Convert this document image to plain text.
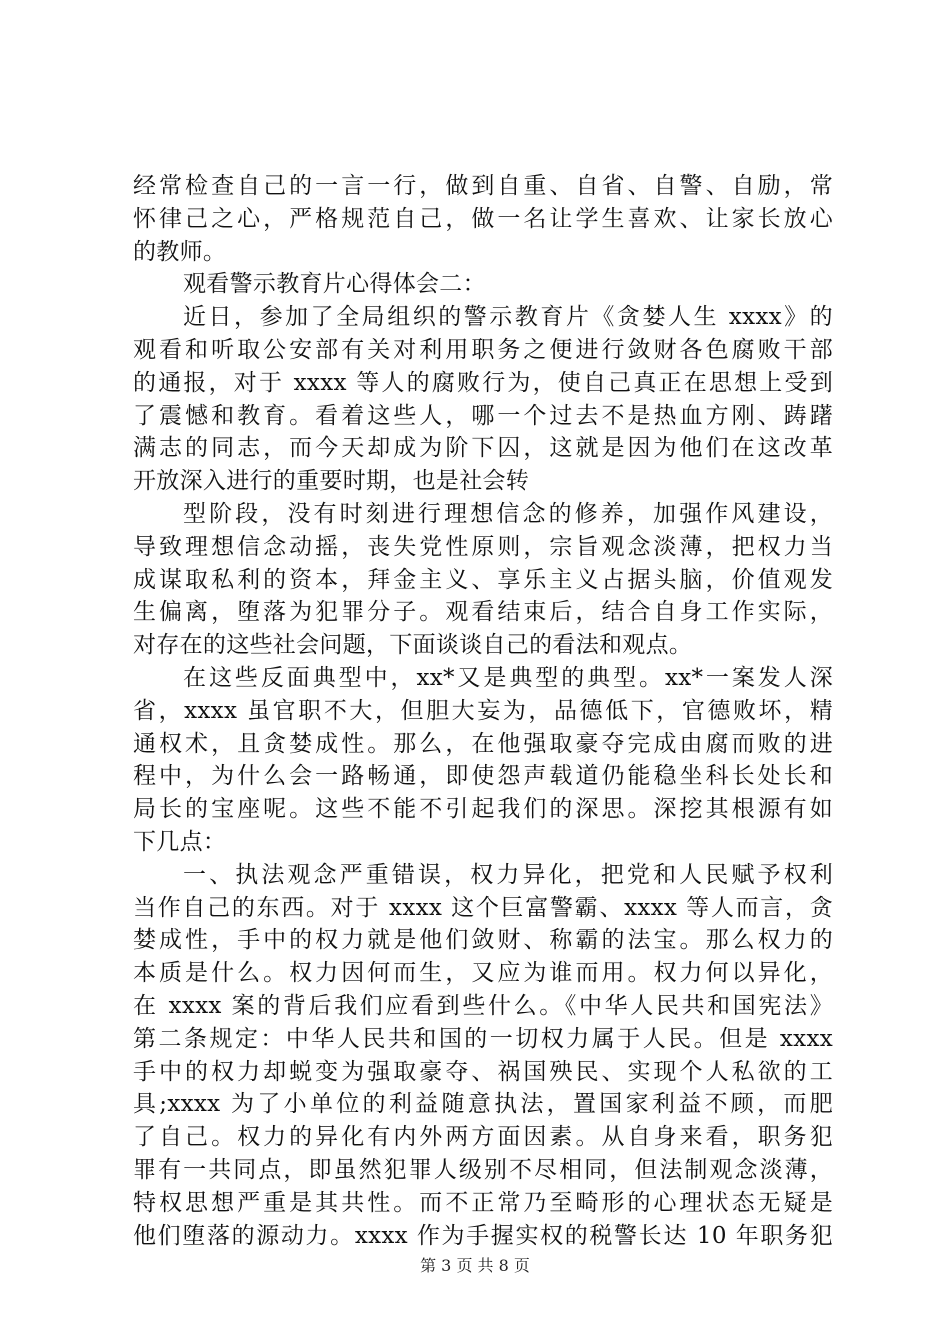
经常检查自己的一言一行，做到自重、自省、自警、自励，常
怀律己之心，严格规范自己，做一名让学生喜欢、让家长放心
的教师。
观看警示教育片心得体会二：
近日，参加了全局组织的警示教育片《贪婪人生 xxxx》的
观看和听取公安部有关对利用职务之便进行敛财各色腐败干部
的通报，对于 xxxx 等人的腐败行为，使自己真正在思想上受到
了震憾和教育。看着这些人，哪一个过去不是热血方刚、踌躇
满志的同志，而今天却成为阶下囚，这就是因为他们在这改革
开放深入进行的重要时期，也是社会转
型阶段，没有时刻进行理想信念的修养，加强作风建设，
导致理想信念动摇，丧失党性原则，宗旨观念淡薄，把权力当
成谋取私利的资本，拜金主义、享乐主义占据头脑，价值观发
生偏离，堕落为犯罪分子。观看结束后，结合自身工作实际，
对存在的这些社会问题，下面谈谈自己的看法和观点。
在这些反面典型中，xx*又是典型的典型。xx*一案发人深
省，xxxx 虽官职不大，但胆大妄为，品德低下，官德败坏，精
通权术，且贪婪成性。那么，在他强取豪夺完成由腐而败的进
程中，为什么会一路畅通，即使怨声载道仍能稳坐科长处长和
局长的宝座呢。这些不能不引起我们的深思。深挖其根源有如
下几点：
一、执法观念严重错误，权力异化，把党和人民赋予权利
当作自己的东西。对于 xxxx 这个巨富警霸、xxxx 等人而言，贪
婪成性，手中的权力就是他们敛财、称霸的法宝。那么权力的
本质是什么。权力因何而生，又应为谁而用。权力何以异化，
在 xxxx 案的背后我们应看到些什么。《中华人民共和国宪法》
第二条规定：中华人民共和国的一切权力属于人民。但是 xxxx
手中的权力却蜕变为强取豪夺、祸国殃民、实现个人私欲的工
具;xxxx 为了小单位的利益随意执法，置国家利益不顾，而肥
了自己。权力的异化有内外两方面因素。从自身来看，职务犯
罪有一共同点，即虽然犯罪人级别不尽相同，但法制观念淡薄，
特权思想严重是其共性。而不正常乃至畸形的心理状态无疑是
他们堕落的源动力。xxxx 作为手握实权的税警长达 10 年职务犯
第 3 页 共 8 页
